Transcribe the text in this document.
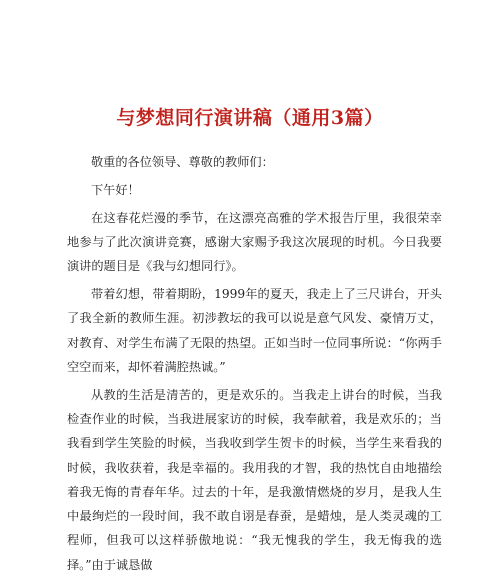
与梦想同行演讲稿（通用3篇）

敬重的各位领导、尊敬的教师们：

下午好！

在这春花烂漫的季节，在这漂亮高雅的学术报告厅里，我很荣幸地参与了此次演讲竞赛，感谢大家赐予我这次展现的时机。今日我要演讲的题目是《我与幻想同行》。

带着幻想，带着期盼，1999年的夏天，我走上了三尺讲台，开头了我全新的教师生涯。初涉教坛的我可以说是意气风发、豪情万丈，对教育、对学生布满了无限的热望。正如当时一位同事所说：“你两手空空而来，却怀着满腔热诚。”

从教的生活是清苦的，更是欢乐的。当我走上讲台的时候，当我检查作业的时候，当我进展家访的时候，我奉献着，我是欢乐的；当我看到学生笑脸的时候，当我收到学生贺卡的时候，当学生来看我的时候，我收获着，我是幸福的。我用我的才智，我的热忱自由地描绘着我无悔的青春年华。过去的十年，是我激情燃烧的岁月，是我人生中最绚烂的一段时间，我不敢自诩是春蚕，是蜡烛，是人类灵魂的工程师，但我可以这样骄傲地说：“我无愧我的学生，我无悔我的选择。”由于诚恳做
